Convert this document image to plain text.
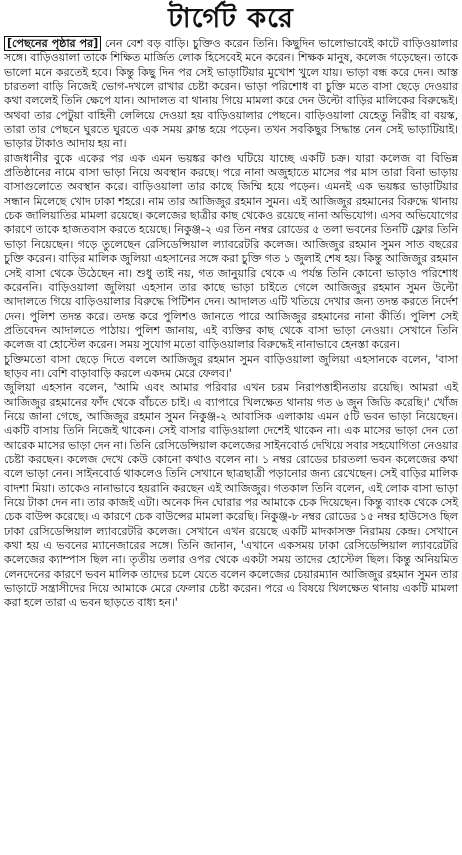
টার্গেট করে

[পেছনের পৃষ্ঠার পর] নেন বেশ বড় বাড়ি। চুক্তিও করেন তিনি। কিছুদিন ভালোভাবেই কাটে বাড়িওয়ালার সঙ্গে। বাড়িওয়ালা তাকে শিক্ষিত মার্জিত লোক হিসেবেই মনে করেন। শিক্ষক মানুষ, কলেজ গড়েছেন। তাকে ভালো মনে করতেই হবে। কিন্তু কিছু দিন পর সেই ভাড়াটিয়ার মুখোশ খুলে যায়। ভাড়া বন্ধ করে দেন। আস্ত চারতলা বাড়ি নিজেই ভোগ-দখলে রাখার চেষ্টা করেন। ভাড়া পরিশোধ বা চুক্তি মতে বাসা ছেড়ে দেওয়ার কথা বললেই তিনি ক্ষেপে যান। আদালত বা থানায় গিয়ে মামলা করে দেন উল্টো বাড়ির মালিকের বিরুদ্ধেই। অথবা তার পেটুয়া বাহিনী লেলিয়ে দেওয়া হয় বাড়িওয়ালার পেছনে। বাড়িওয়ালা যেহেতু নিরীহ বা বয়স্ক, তারা তার পেছনে ঘুরতে ঘুরতে এক সময় ক্লান্ত হয়ে পড়েন। তখন সবকিছুর সিদ্ধান্ত নেন সেই ভাড়াটিয়াই। ভাড়ার টাকাও আদায় হয় না।

রাজধানীর বুকে একের পর এক এমন ভয়ঙ্কর কাণ্ড ঘটিয়ে যাচ্ছে একটি চক্র। যারা কলেজ বা বিভিন্ন প্রতিষ্ঠানের নামে বাসা ভাড়া নিয়ে অবস্থান করছে। পরে নানা অজুহাতে মাসের পর মাস তারা বিনা ভাড়ায় বাসাগুলোতে অবস্থান করে। বাড়িওয়ালা তার কাছে জিম্মি হয়ে পড়েন। এমনই এক ভয়ঙ্কর ভাড়াটিয়ার সন্ধান মিলেছে খোদ ঢাকা শহরে। নাম তার আজিজুর রহমান সুমন। এই আজিজুর রহমানের বিরুদ্ধে থানায় চেক জালিয়াতির মামলা রয়েছে। কলেজের ছাত্রীর কাছ থেকেও রয়েছে নানা অভিযোগ। এসব অভিযোগের কারণে তাকে হাজতবাস করতে হয়েছে। নিকুঞ্জ-২ এর তিন নম্বর রোডের ৫ তলা ভবনের তিনটি ফ্লোর তিনি ভাড়া নিয়েছেন। গড়ে তুলেছেন রেসিডেন্সিয়াল ল্যাবরেটরি কলেজ। আজিজুর রহমান সুমন সাত বছরের চুক্তি করেন। বাড়ির মালিক জুলিয়া এহসানের সঙ্গে করা চুক্তি গত ১ জুলাই শেষ হয়। কিন্তু আজিজুর রহমান সেই বাসা থেকে উঠেছেন না। শুধু তাই নয়, গত জানুয়ারি থেকে এ পর্যন্ত তিনি কোনো ভাড়াও পরিশোধ করেননি। বাড়িওয়ালা জুলিয়া এহসান তার কাছে ভাড়া চাইতে গেলে আজিজুর রহমান সুমন উল্টো আদালতে গিয়ে বাড়িওয়ালার বিরুদ্ধে পিটিশন দেন। আদালত এটি খতিয়ে দেখার জন্য তদন্ত করতে নির্দেশ দেন। পুলিশ তদন্ত করে। তদন্ত করে পুলিশও জানতে পারে আজিজুর রহমানের নানা কীর্তি। পুলিশ সেই প্রতিবেদন আদালতে পাঠায়। পুলিশ জানায়, এই ব্যক্তির কাছ থেকে বাসা ভাড়া নেওয়া। সেখানে তিনি কলেজ বা হোস্টেল করেন। সময় সুযোগ মতো বাড়িওয়ালার বিরুদ্ধেই নানাভাবে হেনস্তা করেন।

চুক্তিমতো বাসা ছেড়ে দিতে বললে আজিজুর রহমান সুমন বাড়িওয়ালা জুলিয়া এহসানকে বলেন, 'বাসা ছাড়ব না। বেশি বাড়াবাড়ি করলে একদম মেরে ফেলব।'

জুলিয়া এহসান বলেন, 'আমি এবং আমার পরিবার এখন চরম নিরাপত্তাহীনতায় রয়েছি। আমরা এই আজিজুর রহমানের ফাঁদ থেকে বাঁচতে চাই। এ ব্যাপারে খিলক্ষেত থানায় গত ৬ জুন জিডি করেছি।' খোঁজ নিয়ে জানা গেছে, আজিজুর রহমান সুমন নিকুঞ্জ-২ আবাসিক এলাকায় এমন ৫টি ভবন ভাড়া নিয়েছেন। একটি বাসায় তিনি নিজেই থাকেন। সেই বাসার বাড়িওয়ালা দেশেই থাকেন না। এক মাসের ভাড়া দেন তো আরেক মাসের ভাড়া দেন না। তিনি রেসিডেন্সিয়াল কলেজের সাইনবোর্ড দেখিয়ে সবার সহযোগিতা নেওয়ার চেষ্টা করছেন। কলেজ দেখে কেউ কোনো কথাও বলেন না। ১ নম্বর রোডের চারতলা ভবন কলেজের কথা বলে ভাড়া নেন। সাইনবোর্ড থাকলেও তিনি সেখানে ছাত্রছাত্রী পড়ানোর জন্য রেখেছেন। সেই বাড়ির মালিক বাদশা মিয়া। তাকেও নানাভাবে হয়রানি করছেন এই আজিজুর। গতকাল তিনি বলেন, এই লোক বাসা ভাড়া নিয়ে টাকা দেন না। তার কাজই এটা। অনেক দিন ঘোরার পর আমাকে চেক দিয়েছেন। কিন্তু ব্যাংক থেকে সেই চেক বাউন্স করেছে। এ কারণে চেক বাউন্সের মামলা করেছি। নিকুঞ্জ-৮ নম্বর রোডের ১৫ নম্বর হাউসেও ছিল ঢাকা রেসিডেন্সিয়াল ল্যাবরেটরি কলেজ। সেখানে এখন রয়েছে একটি মাদকাসক্ত নিরাময় কেন্দ্র। সেখানে কথা হয় এ ভবনের ম্যানেজারের সঙ্গে। তিনি জানান, 'এখানে একসময় ঢাকা রেসিডেন্সিয়াল ল্যাবরেটরি কলেজের ক্যাম্পাস ছিল না। তৃতীয় তলার ওপর থেকে একটা সময় তাদের হোস্টেল ছিল। কিন্তু অনিয়মিত লেনদেনের কারণে ভবন মালিক তাদের চলে যেতে বলেন কলেজের চেয়ারম্যান আজিজুর রহমান সুমন তার ভাড়াটে সন্ত্রাসীদের দিয়ে আমাকে মেরে ফেলার চেষ্টা করেন। পরে এ বিষয়ে খিলক্ষেত থানায় একটি মামলা করা হলে তারা এ ভবন ছাড়তে বাধ্য হন।'
